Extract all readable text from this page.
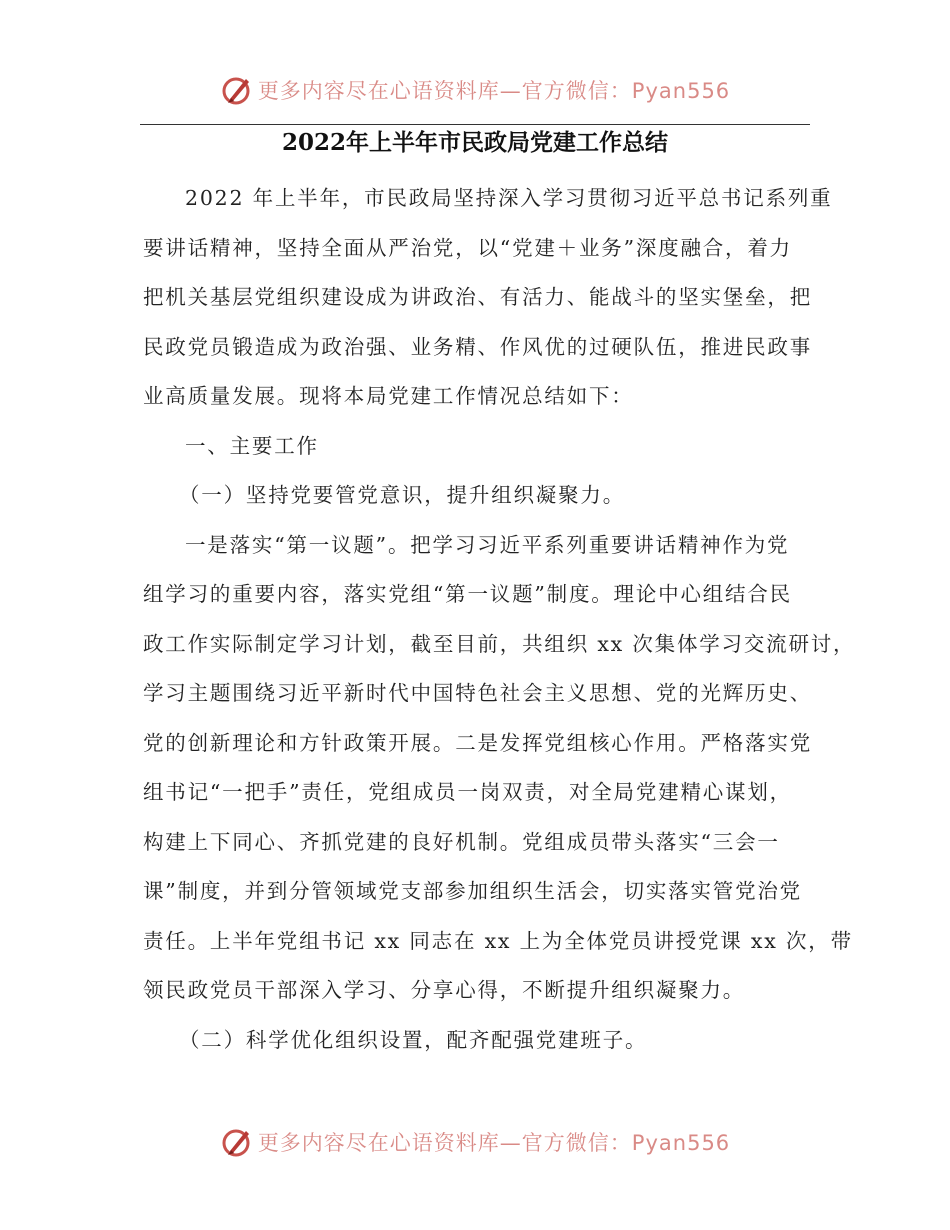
更多内容尽在心语资料库—官方微信：Pyan556
2022年上半年市民政局党建工作总结
2022 年上半年，市民政局坚持深入学习贯彻习近平总书记系列重
要讲话精神，坚持全面从严治党，以“党建＋业务”深度融合，着力
把机关基层党组织建设成为讲政治、有活力、能战斗的坚实堡垒，把
民政党员锻造成为政治强、业务精、作风优的过硬队伍，推进民政事
业高质量发展。现将本局党建工作情况总结如下：
一、主要工作
（一）坚持党要管党意识，提升组织凝聚力。
一是落实“第一议题”。把学习习近平系列重要讲话精神作为党
组学习的重要内容，落实党组“第一议题”制度。理论中心组结合民
政工作实际制定学习计划，截至目前，共组织 xx 次集体学习交流研讨，
学习主题围绕习近平新时代中国特色社会主义思想、党的光辉历史、
党的创新理论和方针政策开展。二是发挥党组核心作用。严格落实党
组书记“一把手”责任，党组成员一岗双责，对全局党建精心谋划，
构建上下同心、齐抓党建的良好机制。党组成员带头落实“三会一
课”制度，并到分管领域党支部参加组织生活会，切实落实管党治党
责任。上半年党组书记 xx 同志在 xx 上为全体党员讲授党课 xx 次，带
领民政党员干部深入学习、分享心得，不断提升组织凝聚力。
（二）科学优化组织设置，配齐配强党建班子。
更多内容尽在心语资料库—官方微信：Pyan556
